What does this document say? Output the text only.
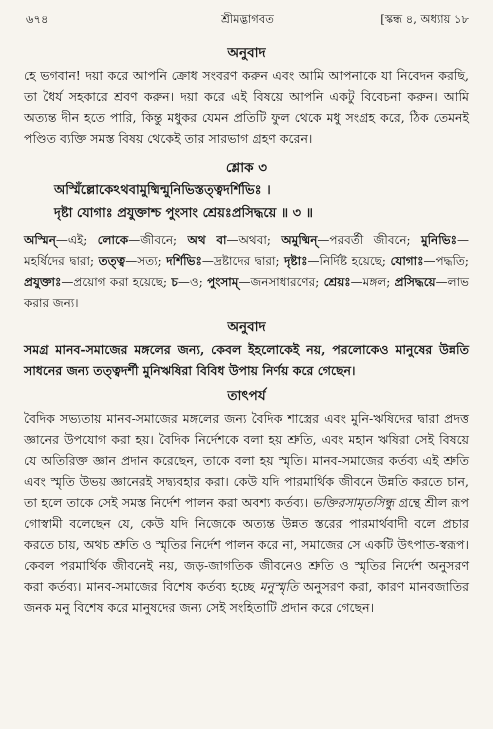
৬৭৪	শ্রীমদ্ভাগবত	[স্কন্ধ ৪, অধ্যায় ১৮
অনুবাদ
হে ভগবান! দয়া করে আপনি ক্রোধ সংবরণ করুন এবং আমি আপনাকে যা নিবেদন করছি, তা ধৈর্য সহকারে শ্রবণ করুন। দয়া করে এই বিষয়ে আপনি একটু বিবেচনা করুন। আমি অত্যন্ত দীন হতে পারি, কিন্তু মধুকর যেমন প্রতিটি ফুল থেকে মধু সংগ্রহ করে, ঠিক তেমনই পণ্ডিত ব্যক্তি সমস্ত বিষয় থেকেই তার সারভাগ গ্রহণ করেন।
শ্লোক ৩
অস্মিঁল্লোকেঽথবামুষ্মিন্মুনিভিস্তত্ত্বদর্শিভিঃ ।
দৃষ্টা যোগাঃ প্রযুক্তাশ্চ পুংসাং শ্রেয়ঃপ্রসিদ্ধয়ে ॥ ৩ ॥
অস্মিন্—এই; লোকে—জীবনে; অথ বা—অথবা; অমুষ্মিন্—পরবর্তী জীবনে; মুনিভিঃ—মহর্ষিদের দ্বারা; তত্ত্ব—সত্য; দর্শিভিঃ—দ্রষ্টাদের দ্বারা; দৃষ্টাঃ—নির্দিষ্ট হয়েছে; যোগাঃ—পদ্ধতি; প্রযুক্তাঃ—প্রয়োগ করা হয়েছে; চ—ও; পুংসাম্—জনসাধারণের; শ্রেয়ঃ—মঙ্গল; প্রসিদ্ধয়ে—লাভ করার জন্য।
অনুবাদ
সমগ্র মানব-সমাজের মঙ্গলের জন্য, কেবল ইহলোকেই নয়, পরলোকেও মানুষের উন্নতি সাধনের জন্য তত্ত্বদর্শী মুনিঋষিরা বিবিধ উপায় নির্ণয় করে গেছেন।
তাৎপর্য
বৈদিক সভ্যতায় মানব-সমাজের মঙ্গলের জন্য বৈদিক শাস্ত্রের এবং মুনি-ঋষিদের দ্বারা প্রদত্ত জ্ঞানের উপযোগ করা হয়। বৈদিক নির্দেশকে বলা হয় শ্রুতি, এবং মহান ঋষিরা সেই বিষয়ে যে অতিরিক্ত জ্ঞান প্রদান করেছেন, তাকে বলা হয় স্মৃতি। মানব-সমাজের কর্তব্য এই শ্রুতি এবং স্মৃতি উভয় জ্ঞানেরই সদ্ব্যবহার করা। কেউ যদি পারমার্থিক জীবনে উন্নতি করতে চান, তা হলে তাকে সেই সমস্ত নির্দেশ পালন করা অবশ্য কর্তব্য। ভক্তিরসামৃতসিন্ধু গ্রন্থে শ্রীল রূপ গোস্বামী বলেছেন যে, কেউ যদি নিজেকে অত্যন্ত উন্নত স্তরের পারমার্থবাদী বলে প্রচার করতে চায়, অথচ শ্রুতি ও স্মৃতির নির্দেশ পালন করে না, সমাজের সে একটি উৎপাত-স্বরূপ। কেবল পরমার্থিক জীবনেই নয়, জড়-জাগতিক জীবনেও শ্রুতি ও স্মৃতির নির্দেশ অনুসরণ করা কর্তব্য। মানব-সমাজের বিশেষ কর্তব্য হচ্ছে মনুস্মৃতি অনুসরণ করা, কারণ মানবজাতির জনক মনু বিশেষ করে মানুষদের জন্য সেই সংহিতাটি প্রদান করে গেছেন।
